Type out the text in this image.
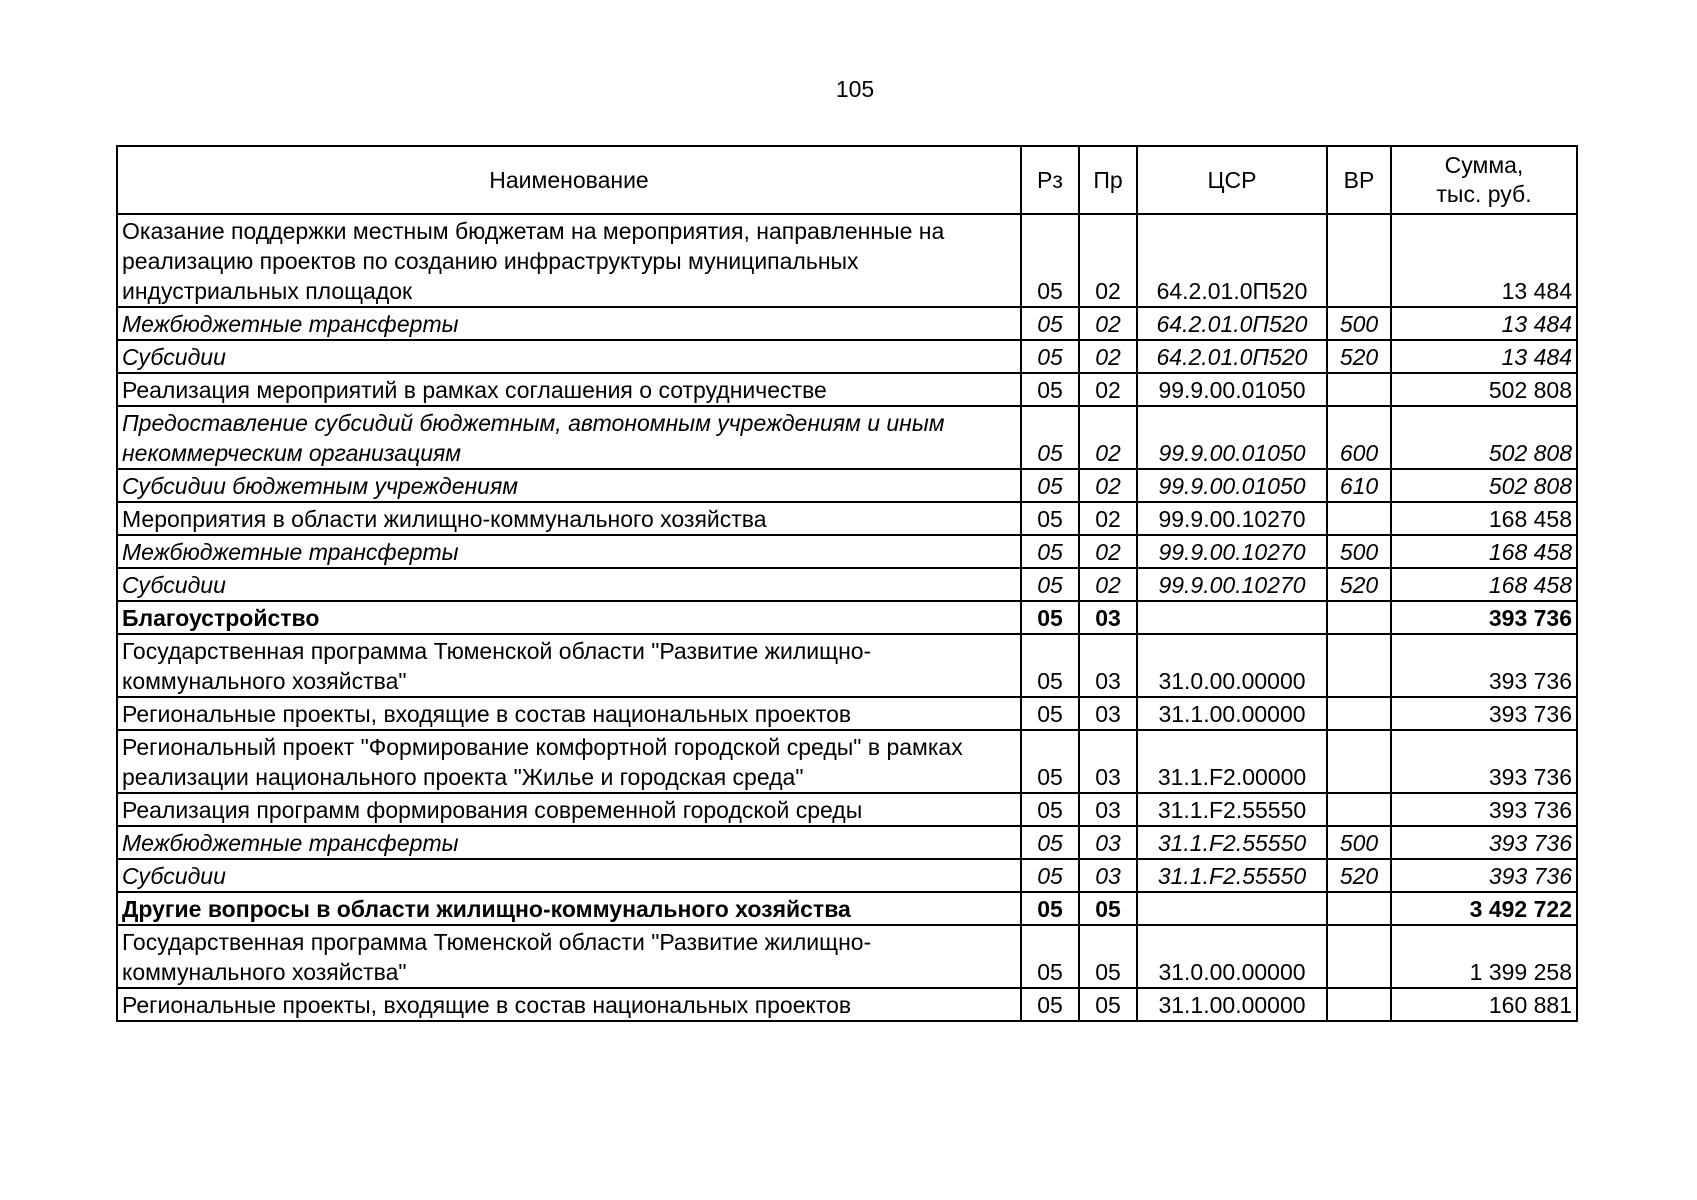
105
Наименование	Рз	Пр	ЦСР	ВР	Сумма,
тыс. руб.
Оказание поддержки местным бюджетам на мероприятия, направленные на реализацию проектов по созданию инфраструктуры муниципальных индустриальных площадок	05	02	64.2.01.0П520		13 484
Межбюджетные трансферты	05	02	64.2.01.0П520	500	13 484
Субсидии	05	02	64.2.01.0П520	520	13 484
Реализация мероприятий в рамках соглашения о сотрудничестве	05	02	99.9.00.01050		502 808
Предоставление субсидий бюджетным, автономным учреждениям и иным некоммерческим организациям	05	02	99.9.00.01050	600	502 808
Субсидии бюджетным учреждениям	05	02	99.9.00.01050	610	502 808
Мероприятия в области жилищно-коммунального хозяйства	05	02	99.9.00.10270		168 458
Межбюджетные трансферты	05	02	99.9.00.10270	500	168 458
Субсидии	05	02	99.9.00.10270	520	168 458
Благоустройство	05	03			393 736
Государственная программа Тюменской области "Развитие жилищно-коммунального хозяйства"	05	03	31.0.00.00000		393 736
Региональные проекты, входящие в состав национальных проектов	05	03	31.1.00.00000		393 736
Региональный проект "Формирование комфортной городской среды" в рамках реализации национального проекта "Жилье и городская среда"	05	03	31.1.F2.00000		393 736
Реализация программ формирования современной городской среды	05	03	31.1.F2.55550		393 736
Межбюджетные трансферты	05	03	31.1.F2.55550	500	393 736
Субсидии	05	03	31.1.F2.55550	520	393 736
Другие вопросы в области жилищно-коммунального хозяйства	05	05			3 492 722
Государственная программа Тюменской области "Развитие жилищно-коммунального хозяйства"	05	05	31.0.00.00000		1 399 258
Региональные проекты, входящие в состав национальных проектов	05	05	31.1.00.00000		160 881
